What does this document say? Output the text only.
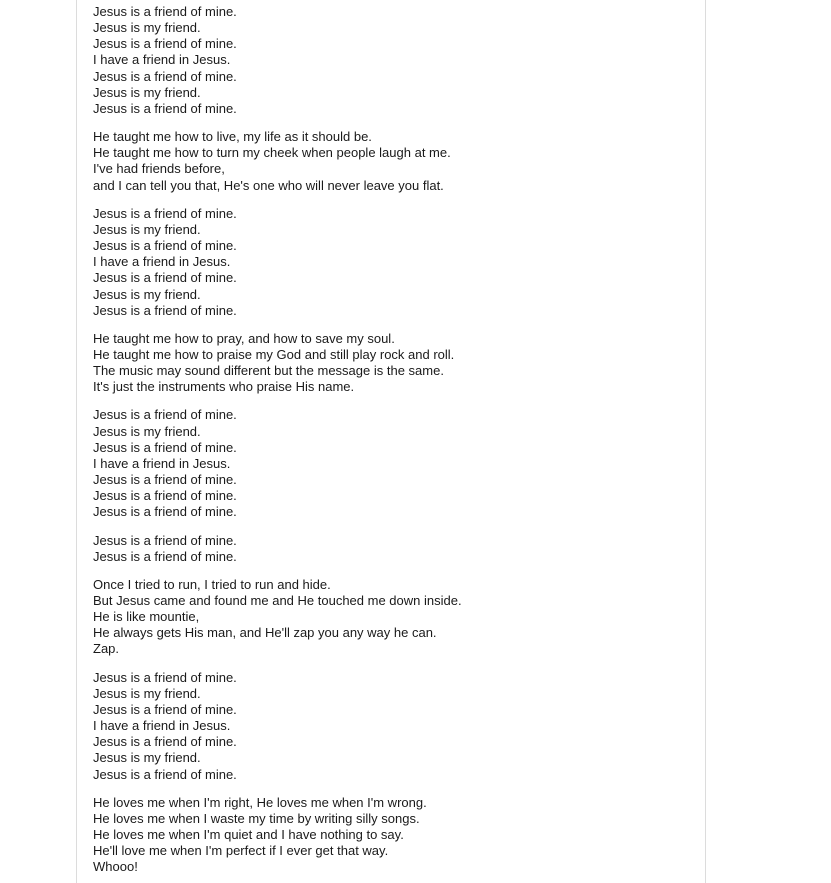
Jesus is a friend of mine.
Jesus is my friend.
Jesus is a friend of mine.
I have a friend in Jesus.
Jesus is a friend of mine.
Jesus is my friend.
Jesus is a friend of mine.
He taught me how to live, my life as it should be.
He taught me how to turn my cheek when people laugh at me.
I've had friends before,
and I can tell you that, He's one who will never leave you flat.
Jesus is a friend of mine.
Jesus is my friend.
Jesus is a friend of mine.
I have a friend in Jesus.
Jesus is a friend of mine.
Jesus is my friend.
Jesus is a friend of mine.
He taught me how to pray, and how to save my soul.
He taught me how to praise my God and still play rock and roll.
The music may sound different but the message is the same.
It's just the instruments who praise His name.
Jesus is a friend of mine.
Jesus is my friend.
Jesus is a friend of mine.
I have a friend in Jesus.
Jesus is a friend of mine.
Jesus is a friend of mine.
Jesus is a friend of mine.
Jesus is a friend of mine.
Jesus is a friend of mine.
Once I tried to run, I tried to run and hide.
But Jesus came and found me and He touched me down inside.
He is like mountie,
He always gets His man, and He'll zap you any way he can.
Zap.
Jesus is a friend of mine.
Jesus is my friend.
Jesus is a friend of mine.
I have a friend in Jesus.
Jesus is a friend of mine.
Jesus is my friend.
Jesus is a friend of mine.
He loves me when I'm right, He loves me when I'm wrong.
He loves me when I waste my time by writing silly songs.
He loves me when I'm quiet and I have nothing to say.
He'll love me when I'm perfect if I ever get that way.
Whooo!
